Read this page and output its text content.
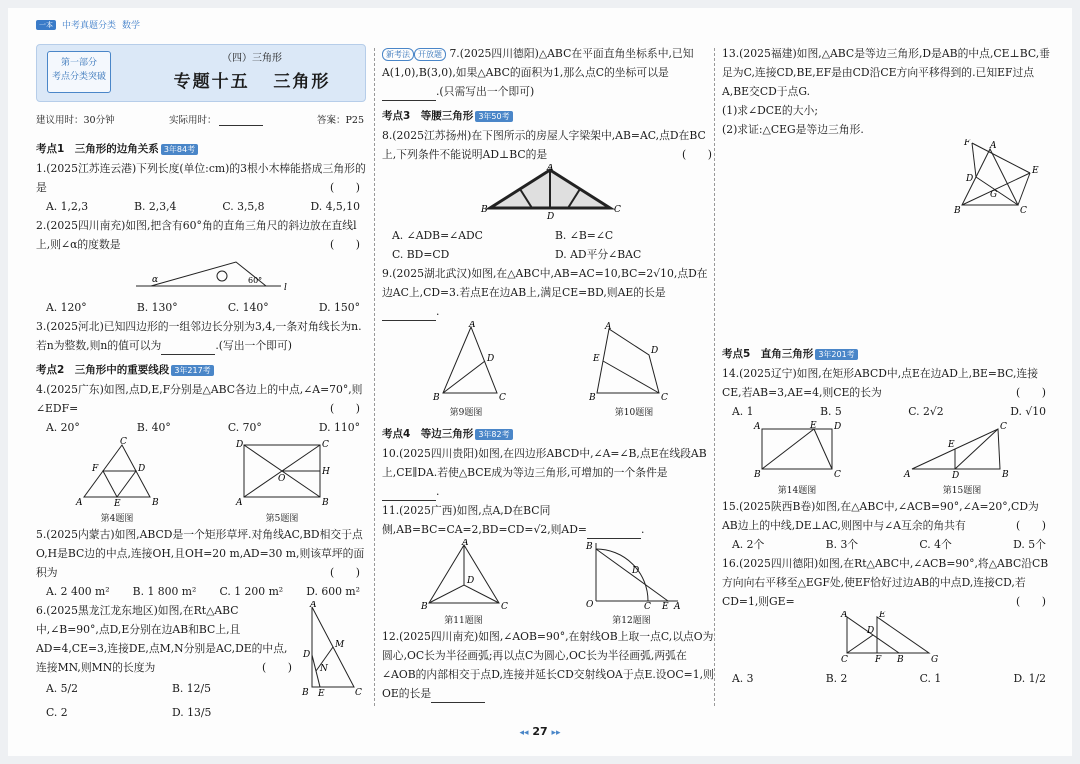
一本	中考真题分类 数学
第一部分
考点分类突破
（四）三角形
专题十五 三角形
建议用时：30分钟	实际用时：	答案：P25
考点1　三角形的边角关系 3年84考

1.(2025江苏连云港)下列长度(单位:cm)的3根小木棒能搭成三角形的是	(　　)

A. 1,2,3	B. 2,3,4	C. 3,5,8	D. 4,5,10

2.(2025四川南充)如图,把含有60°角的直角三角尺的斜边放在直线l上,则∠α的度数是	(　　)

α	60°
l
A. 120°	B. 130°	C. 140°	D. 150°

3.(2025河北)已知四边形的一组邻边长分别为3,4,一条对角线长为n.若n为整数,则n的值可以为	.(写出一个即可)

考点2　三角形中的重要线段 3年217考

4.(2025广东)如图,点D,E,F分别是△ABC各边上的中点,∠A=70°,则∠EDF=	(　　)

A. 20°	B. 40°	C. 70°	D. 110°
C
F	D
A	E	B
第4题图
D	C
O
H
A	B
第5题图

5.(2025内蒙古)如图,ABCD是一个矩形草坪.对角线AC,BD相交于点O,H是BC边的中点,连接OH,且OH=20 m,AD=30 m,则该草坪的面积为	(　　)

A. 2 400 m² B. 1 800 m² C. 1 200 m² D. 600 m²

6.(2025黑龙江龙东地区)如图,在Rt△ABC中,∠B=90°,点D,E分别在边AB和BC上,且AD=4,CE=3,连接DE,点M,N分别是AC,DE的中点,连接MN,则MN的长度为	(　　)

A. 5/2	B. 12/5
C. 2	D. 13/5
A
M
D
N
B E	C

新考法 开放题 7.(2025四川德阳)△ABC在平面直角坐标系中,已知A(1,0),B(3,0),如果△ABC的面积为1,那么点C的坐标可以是.(只需写出一个即可)

考点3　等腰三角形 3年50考

8.(2025江苏扬州)在下图所示的房屋人字梁架中,AB=AC,点D在BC上,下列条件不能说明AD⊥BC的是	(　　)

A
B
D
C
A. ∠ADB=∠ADC	B. ∠B=∠C
C. BD=CD	D. AD平分∠BAC

9.(2025湖北武汉)如图,在△ABC中,AB=AC=10,BC=2√10,点D在边AC上,CD=3.若点E在边AB上,满足CE=BD,则AE的长是.

A
D
B	C
第9题图
A
E
D
B	C
第10题图
考点4　等边三角形 3年82考

10.(2025四川贵阳)如图,在四边形ABCD中,∠A=∠B,点E在线段AB上,CE∥DA.若使△BCE成为等边三角形,可增加的一个条件是.

11.(2025广西)如图,点A,D在BC同侧,AB=BC=CA=2,BD=CD=√2,则AD=	.

A
D
B	C
第11题图
B
D
O	C E A
第12题图

12.(2025四川南充)如图,∠AOB=90°,在射线OB上取一点C,以点O为圆心,OC长为半径画弧;再以点C为圆心,OC长为半径画弧,两弧在∠AOB的内部相交于点D,连接并延长CD交射线OA于点E.设OC=1,则OE的长是

13.(2025福建)如图,△ABC是等边三角形,D是AB的中点,CE⊥BC,垂足为C,连接CD,BE,EF是由CD沿CE方向平移得到的.已知EF过点A,BE交CD于点G.

(1)求∠DCE的大小;

(2)求证:△CEG是等边三角形.

F A
E
D
G
B	C
考点5　直角三角形 3年201考

14.(2025辽宁)如图,在矩形ABCD中,点E在边AD上,BE=BC,连接CE,若AB=3,AE=4,则CE的长为	(　　)

A. 1	B. 5	C. 2√2	D. √10
A	E D
B	C
第14题图
C
E
A	D	B
第15题图

15.(2025陕西B卷)如图,在△ABC中,∠ACB=90°,∠A=20°,CD为AB边上的中线,DE⊥AC,则图中与∠A互余的角共有	(　　)

A. 2个	B. 3个	C. 4个	D. 5个

16.(2025四川德阳)如图,在Rt△ABC中,∠ACB=90°,将△ABC沿CB方向向右平移至△EGF处,使EF恰好过边AB的中点D,连接CD,若CD=1,则GE=	(　　)

A	E
D
C	F B	G
A. 3	B. 2	C. 1	D. 1/2
◂◂ 27 ▸▸
